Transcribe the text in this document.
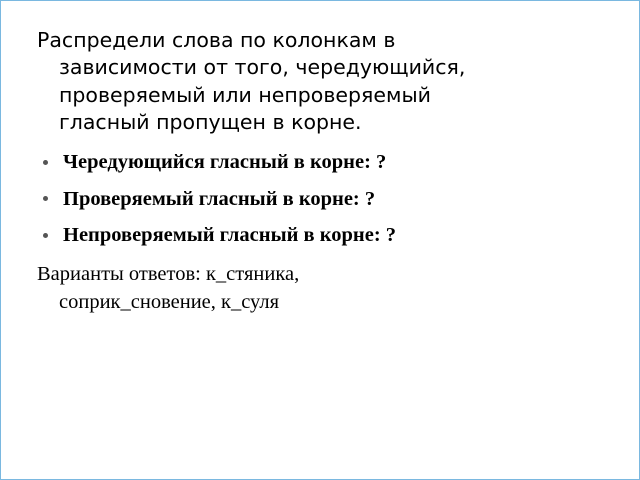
Распредели слова по колонкам в
зависимости от того, чередующийся,
проверяемый или непроверяемый
гласный пропущен в корне.

Чередующийся гласный в корне: ?
Проверяемый гласный в корне: ?
Непроверяемый гласный в корне: ?

Варианты ответов: к_стяника,
соприк_сновение, к_суля
